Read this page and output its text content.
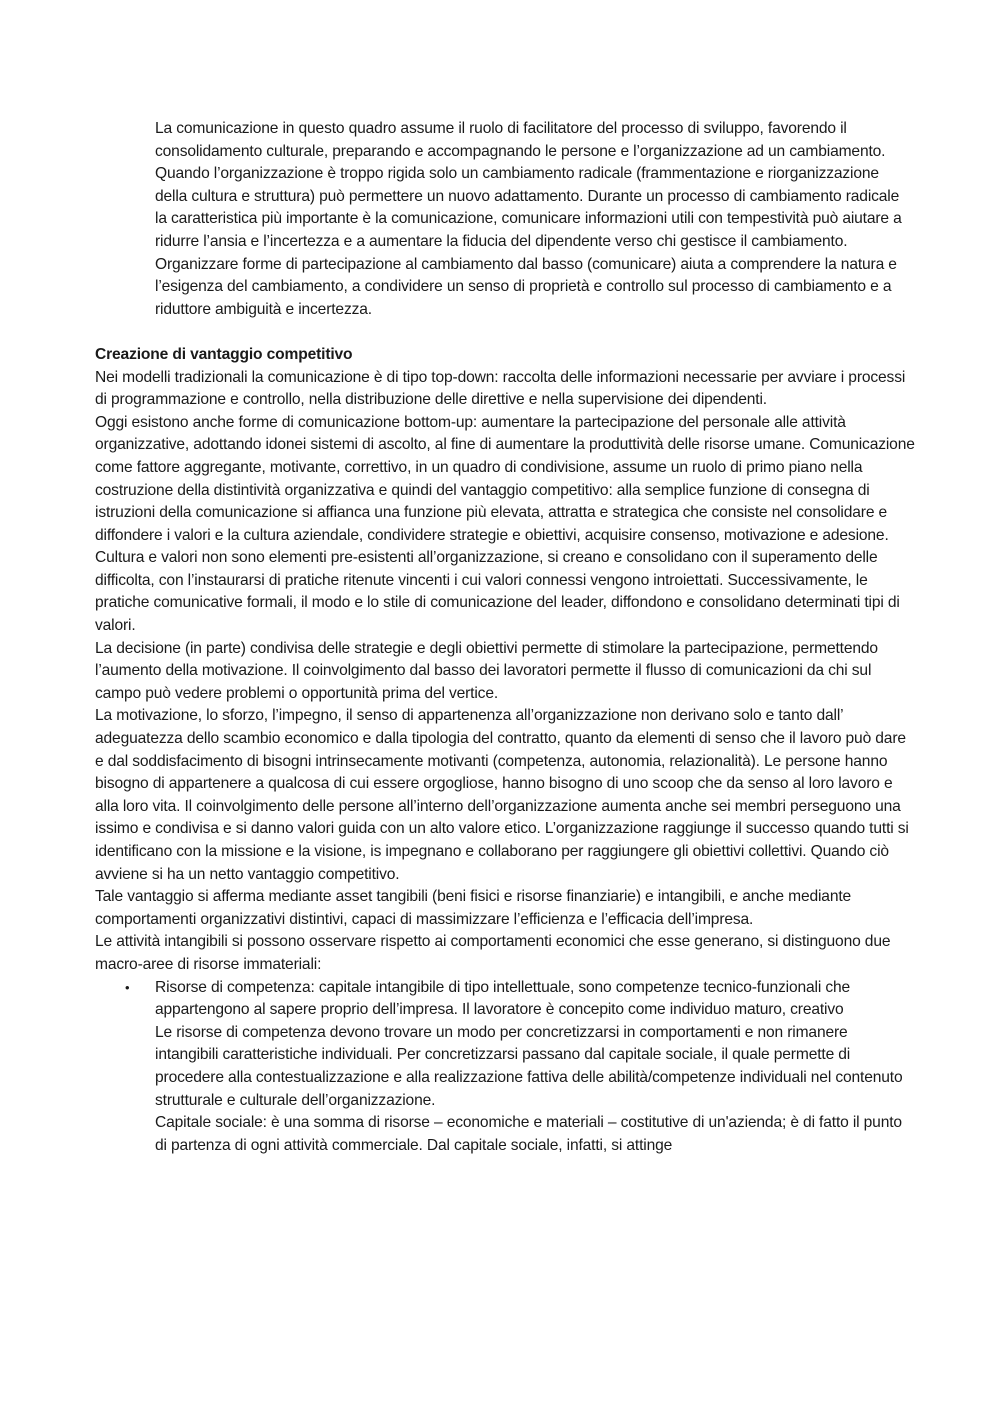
La comunicazione in questo quadro assume il ruolo di facilitatore del processo di sviluppo, favorendo il consolidamento culturale, preparando e accompagnando le persone e l’organizzazione ad un cambiamento.

Quando l’organizzazione è troppo rigida solo un cambiamento radicale (frammentazione e riorganizzazione della cultura e struttura) può permettere un nuovo adattamento. Durante un processo di cambiamento radicale la caratteristica più importante è la comunicazione, comunicare informazioni utili con tempestività può aiutare a ridurre l’ansia e l’incertezza e a aumentare la fiducia del dipendente verso chi gestisce il cambiamento. Organizzare forme di partecipazione al cambiamento dal basso (comunicare) aiuta a comprendere la natura e l’esigenza del cambiamento, a condividere un senso di proprietà e controllo sul processo di cambiamento e a riduttore ambiguità e incertezza.

Creazione di vantaggio competitivo

Nei modelli tradizionali la comunicazione è di tipo top-down: raccolta delle informazioni necessarie per avviare i processi di programmazione e controllo, nella distribuzione delle direttive e nella supervisione dei dipendenti.

Oggi esistono anche forme di comunicazione bottom-up: aumentare la partecipazione del personale alle attività organizzative, adottando idonei sistemi di ascolto, al fine di aumentare la produttività delle risorse umane. Comunicazione come fattore aggregante, motivante, correttivo, in un quadro di condivisione, assume un ruolo di primo piano nella costruzione della distintività organizzativa e quindi del vantaggio competitivo: alla semplice funzione di consegna di istruzioni della comunicazione si affianca una funzione più elevata, attratta e strategica che consiste nel consolidare e diffondere i valori e la cultura aziendale, condividere strategie e obiettivi, acquisire consenso, motivazione e adesione.

Cultura e valori non sono elementi pre-esistenti all’organizzazione, si creano e consolidano con il superamento delle difficolta, con l’instaurarsi di pratiche ritenute vincenti i cui valori connessi vengono introiettati. Successivamente, le pratiche comunicative formali, il modo e lo stile di comunicazione del leader, diffondono e consolidano determinati tipi di valori.

La decisione (in parte) condivisa delle strategie e degli obiettivi permette di stimolare la partecipazione, permettendo l’aumento della motivazione. Il coinvolgimento dal basso dei lavoratori permette il flusso di comunicazioni da chi sul campo può vedere problemi o opportunità prima del vertice.

La motivazione, lo sforzo, l’impegno, il senso di appartenenza all’organizzazione non derivano solo e tanto dall’ adeguatezza dello scambio economico e dalla tipologia del contratto, quanto da elementi di senso che il lavoro può dare e dal soddisfacimento di bisogni intrinsecamente motivanti (competenza, autonomia, relazionalità). Le persone hanno bisogno di appartenere a qualcosa di cui essere orgogliose, hanno bisogno di uno scoop che da senso al loro lavoro e alla loro vita. Il coinvolgimento delle persone all’interno dell’organizzazione aumenta anche sei membri perseguono una issimo e condivisa e si danno valori guida con un alto valore etico. L’organizzazione raggiunge il successo quando tutti si identificano con la missione e la visione, is impegnano e collaborano per raggiungere gli obiettivi collettivi. Quando ciò avviene si ha un netto vantaggio competitivo.

Tale vantaggio si afferma mediante asset tangibili (beni fisici e risorse finanziarie) e intangibili, e anche mediante comportamenti organizzativi distintivi, capaci di massimizzare l’efficienza e l’efficacia dell’impresa.

Le attività intangibili si possono osservare rispetto ai comportamenti economici che esse generano, si distinguono due macro-aree di risorse immateriali:

• Risorse di competenza: capitale intangibile di tipo intellettuale, sono competenze tecnico-funzionali che appartengono al sapere proprio dell’impresa. Il lavoratore è concepito come individuo maturo, creativo

Le risorse di competenza devono trovare un modo per concretizzarsi in comportamenti e non rimanere intangibili caratteristiche individuali. Per concretizzarsi passano dal capitale sociale, il quale permette di procedere alla contestualizzazione e alla realizzazione fattiva delle abilità/competenze individuali nel contenuto strutturale e culturale dell’organizzazione.

Capitale sociale: è una somma di risorse – economiche e materiali – costitutive di un'azienda; è di fatto il punto di partenza di ogni attività commerciale. Dal capitale sociale, infatti, si attinge
